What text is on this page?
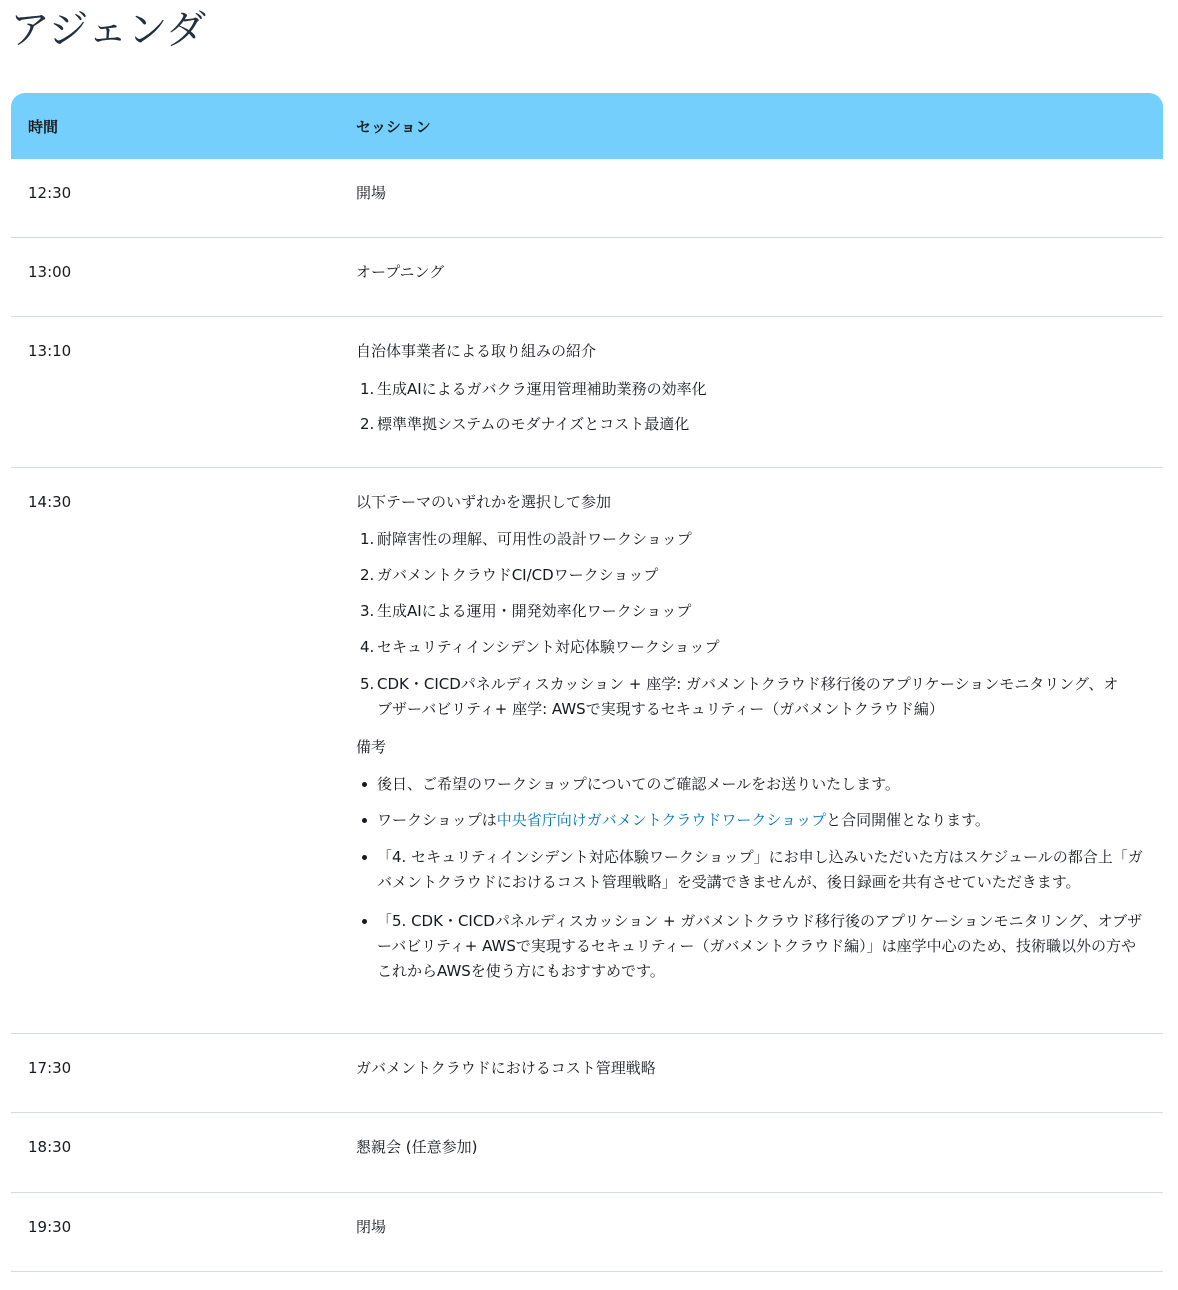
アジェンダ
時間	セッション
12:30	開場
13:00	オープニング
13:10	自治体事業者による取り組みの紹介

1. 生成AIによるガバクラ運用管理補助業務の効率化
2. 標準準拠システムのモダナイズとコスト最適化
14:30	以下テーマのいずれかを選択して参加

1. 耐障害性の理解、可用性の設計ワークショップ
2. ガバメントクラウドCI/CDワークショップ
3. 生成AIによる運用・開発効率化ワークショップ
4. セキュリティインシデント対応体験ワークショップ
5. CDK・CICDパネルディスカッション + 座学: ガバメントクラウド移行後のアプリケーションモニタリング、オブザーバビリティ+ 座学: AWSで実現するセキュリティー（ガバメントクラウド編）

備考

後日、ご希望のワークショップについてのご確認メールをお送りいたします。
ワークショップは中央省庁向けガバメントクラウドワークショップと合同開催となります。
「4. セキュリティインシデント対応体験ワークショップ」にお申し込みいただいた方はスケジュールの都合上「ガバメントクラウドにおけるコスト管理戦略」を受講できませんが、後日録画を共有させていただきます。
「5. CDK・CICDパネルディスカッション + ガバメントクラウド移行後のアプリケーションモニタリング、オブザーバビリティ+ AWSで実現するセキュリティー（ガバメントクラウド編）」は座学中心のため、技術職以外の方やこれからAWSを使う方にもおすすめです。
17:30	ガバメントクラウドにおけるコスト管理戦略
18:30	懇親会 (任意参加)
19:30	閉場
